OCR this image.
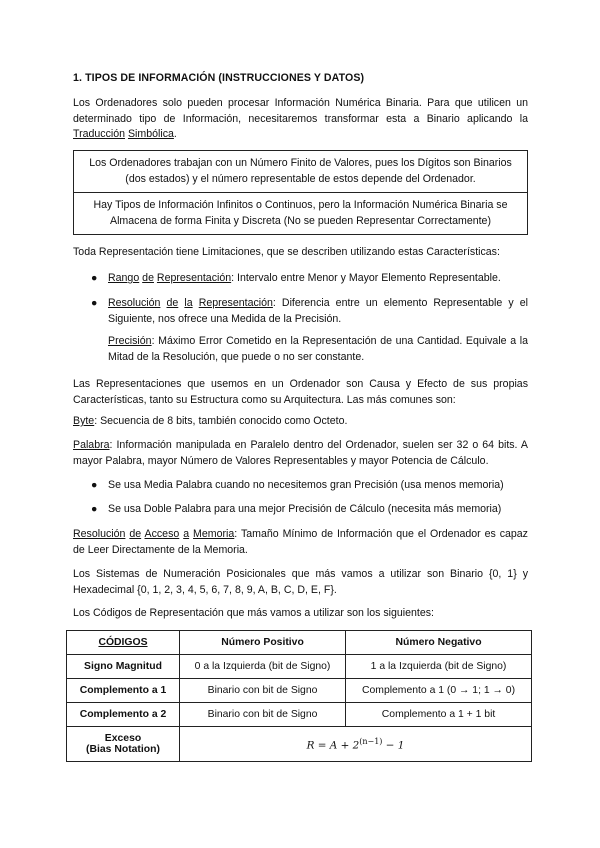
1. TIPOS DE INFORMACIÓN (INSTRUCCIONES Y DATOS)
Los Ordenadores solo pueden procesar Información Numérica Binaria. Para que utilicen un determinado tipo de Información, necesitaremos transformar esta a Binario aplicando la Traducción Simbólica.
Los Ordenadores trabajan con un Número Finito de Valores, pues los Dígitos son Binarios (dos estados) y el número representable de estos depende del Ordenador.
Hay Tipos de Información Infinitos o Continuos, pero la Información Numérica Binaria se Almacena de forma Finita y Discreta (No se pueden Representar Correctamente)
Toda Representación tiene Limitaciones, que se describen utilizando estas Características:
● Rango de Representación: Intervalo entre Menor y Mayor Elemento Representable.
● Resolución de la Representación: Diferencia entre un elemento Representable y el Siguiente, nos ofrece una Medida de la Precisión.
Precisión: Máximo Error Cometido en la Representación de una Cantidad. Equivale a la Mitad de la Resolución, que puede o no ser constante.
Las Representaciones que usemos en un Ordenador son Causa y Efecto de sus propias Características, tanto su Estructura como su Arquitectura. Las más comunes son:
Byte: Secuencia de 8 bits, también conocido como Octeto.
Palabra: Información manipulada en Paralelo dentro del Ordenador, suelen ser 32 o 64 bits. A mayor Palabra, mayor Número de Valores Representables y mayor Potencia de Cálculo.
● Se usa Media Palabra cuando no necesitemos gran Precisión (usa menos memoria)
● Se usa Doble Palabra para una mejor Precisión de Cálculo (necesita más memoria)
Resolución de Acceso a Memoria: Tamaño Mínimo de Información que el Ordenador es capaz de Leer Directamente de la Memoria.
Los Sistemas de Numeración Posicionales que más vamos a utilizar son Binario {0, 1} y Hexadecimal {0, 1, 2, 3, 4, 5, 6, 7, 8, 9, A, B, C, D, E, F}.
Los Códigos de Representación que más vamos a utilizar son los siguientes:
CÓDIGOS	Número Positivo	Número Negativo
Signo Magnitud	0 a la Izquierda (bit de Signo)	1 a la Izquierda (bit de Signo)
Complemento a 1	Binario con bit de Signo	Complemento a 1 (0 → 1; 1 → 0)
Complemento a 2	Binario con bit de Signo	Complemento a 1 + 1 bit
Exceso
(Bias Notation)	$R = A + 2^{(n-1)} - 1$	
